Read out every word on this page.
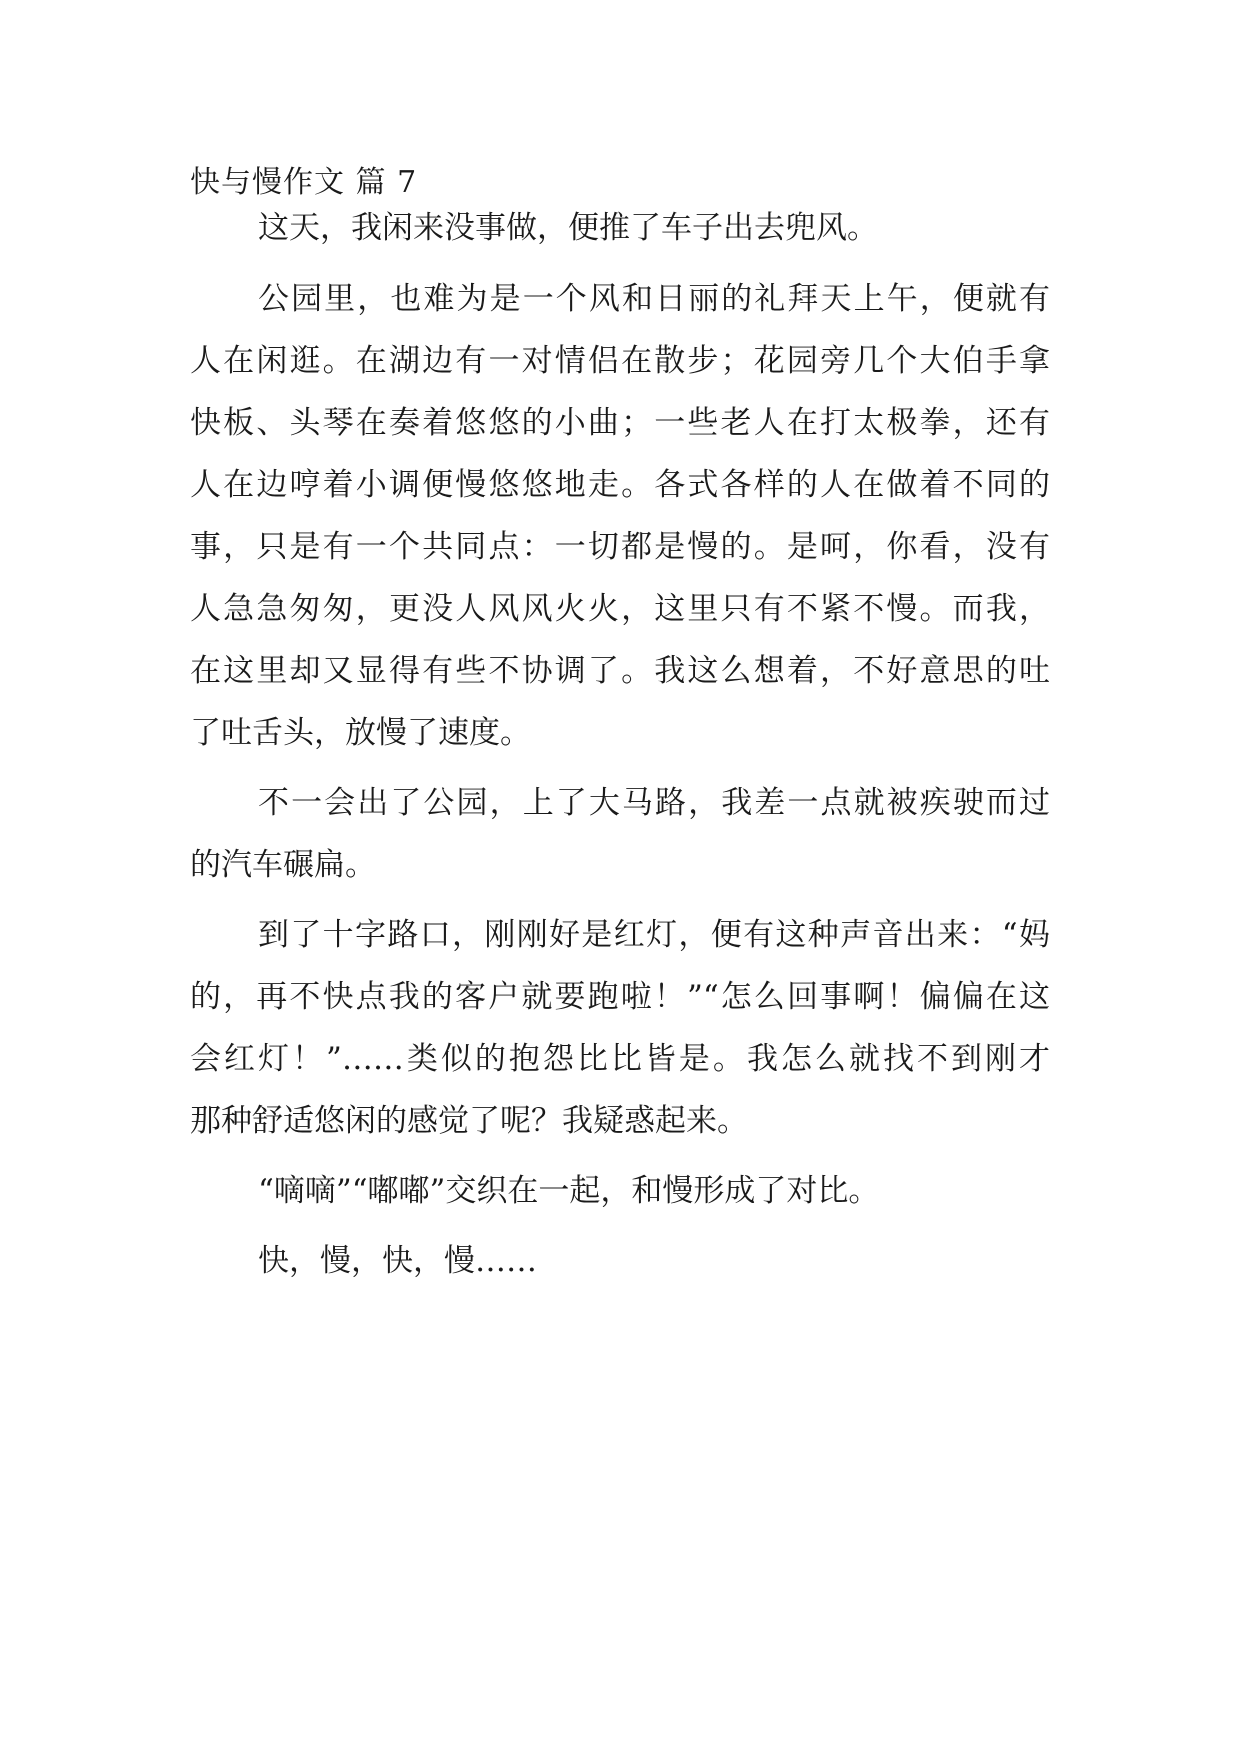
快与慢作文 篇 7
这天，我闲来没事做，便推了车子出去兜风。
公园里，也难为是一个风和日丽的礼拜天上午，便就有
人在闲逛。在湖边有一对情侣在散步；花园旁几个大伯手拿
快板、头琴在奏着悠悠的小曲；一些老人在打太极拳，还有
人在边哼着小调便慢悠悠地走。各式各样的人在做着不同的
事，只是有一个共同点：一切都是慢的。是呵，你看，没有
人急急匆匆，更没人风风火火，这里只有不紧不慢。而我，
在这里却又显得有些不协调了。我这么想着，不好意思的吐
了吐舌头，放慢了速度。
不一会出了公园，上了大马路，我差一点就被疾驶而过
的汽车碾扁。
到了十字路口，刚刚好是红灯，便有这种声音出来：“妈
的，再不快点我的客户就要跑啦！”“怎么回事啊！偏偏在这
会红灯！”……类似的抱怨比比皆是。我怎么就找不到刚才
那种舒适悠闲的感觉了呢？我疑惑起来。
“嘀嘀”“嘟嘟”交织在一起，和慢形成了对比。
快，慢，快，慢……
